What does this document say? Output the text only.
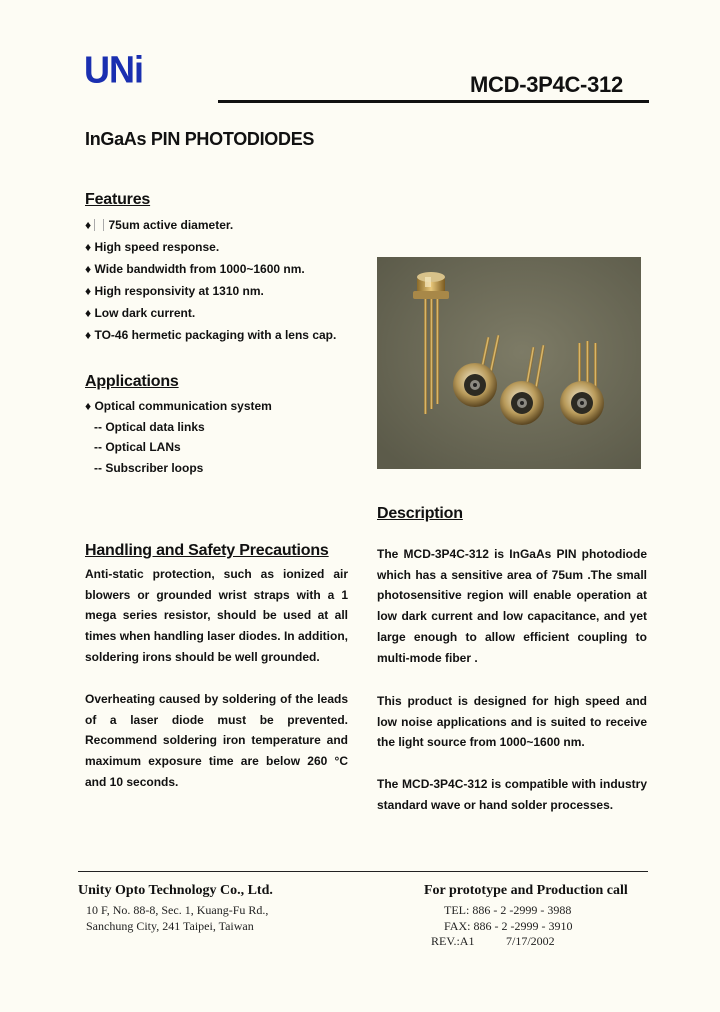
UNi	MCD-3P4C-312
InGaAs PIN PHOTODIODES
Features
♦ 75um active diameter.
♦ High speed response.
♦ Wide bandwidth from 1000~1600 nm.
♦ High responsivity at 1310 nm.
♦ Low dark current.
♦ TO-46 hermetic packaging with a lens cap.
Applications
♦ Optical communication system
-- Optical data links
-- Optical LANs
-- Subscriber loops
Handling and Safety Precautions
Anti-static protection, such as ionized air blowers or grounded wrist straps with a 1 mega series resistor, should be used at all times when handling laser diodes. In addition, soldering irons should be well grounded.
Overheating caused by soldering of the leads of a laser diode must be prevented. Recommend soldering iron temperature and maximum exposure time are below 260 °C and 10 seconds.
Description
The MCD-3P4C-312 is InGaAs PIN photodiode which has a sensitive area of 75um .The small photosensitive region will enable operation at low dark current and low capacitance, and yet large enough to allow efficient coupling to multi-mode fiber .
This product is designed for high speed and low noise applications and is suited to receive the light source from 1000~1600 nm.
The MCD-3P4C-312 is compatible with industry standard wave or hand solder processes.
Unity Opto Technology Co., Ltd.
10 F, No. 88-8, Sec. 1, Kuang-Fu Rd.,
Sanchung City, 241 Taipei, Taiwan
For prototype and Production call
TEL: 886 - 2 -2999 - 3988
FAX: 886 - 2 -2999 - 3910
REV.:A1	7/17/2002
